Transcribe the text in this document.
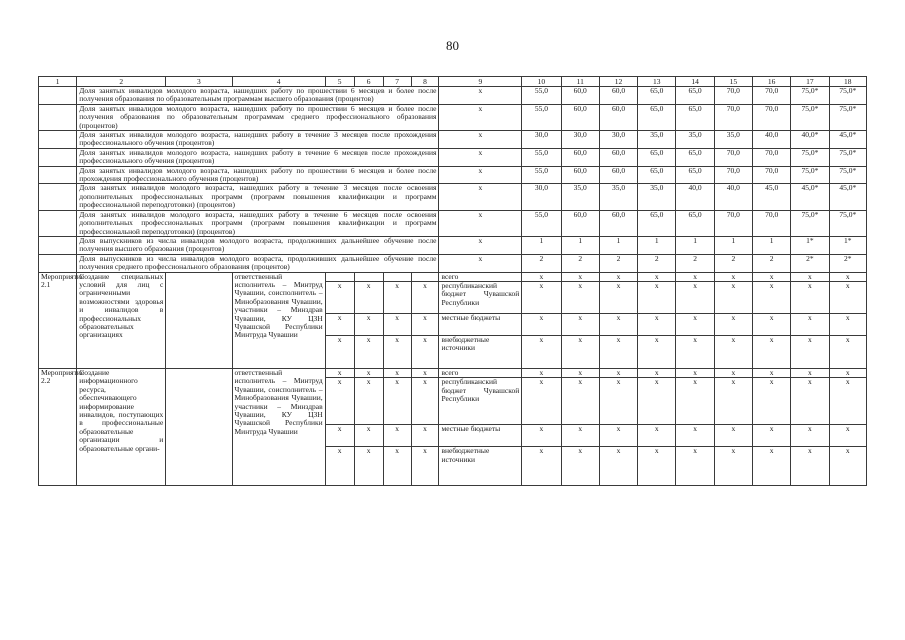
80
1	2	3	4	5	6	7	8	9	10	11	12	13	14	15	16	17	18
	Доля занятых инвалидов молодого возраста, нашедших работу по прошествии 6 месяцев и более после получения образования по образовательным программам высшего образования (процентов)							x	55,0	60,0	60,0	65,0	65,0	70,0	70,0	75,0*	75,0*
	Доля занятых инвалидов молодого возраста, нашедших работу по прошествии 6 месяцев и более после получения образования по образовательным программам среднего профессионального образования (процентов)							x	55,0	60,0	60,0	65,0	65,0	70,0	70,0	75,0*	75,0*
	Доля занятых инвалидов молодого возраста, нашедших работу в течение 3 месяцев после прохождения профессионального обучения (процентов)							x	30,0	30,0	30,0	35,0	35,0	35,0	40,0	40,0*	45,0*
	Доля занятых инвалидов молодого возраста, нашедших работу в течение 6 месяцев после прохождения профессионального обучения (процентов)							x	55,0	60,0	60,0	65,0	65,0	70,0	70,0	75,0*	75,0*
	Доля занятых инвалидов молодого возраста, нашедших работу по прошествии 6 месяцев и более после прохождения профессионального обучения (процентов)							x	55,0	60,0	60,0	65,0	65,0	70,0	70,0	75,0*	75,0*
	Доля занятых инвалидов молодого возраста, нашедших работу в течение 3 месяцев после освоения дополнительных профессиональных программ (программ повышения квалификации и программ профессиональной переподготовки) (процентов)							x	30,0	35,0	35,0	35,0	40,0	40,0	45,0	45,0*	45,0*
	Доля занятых инвалидов молодого возраста, нашедших работу в течение 6 месяцев после освоения дополнительных профессиональных программ (программ повышения квалификации и программ профессиональной переподготовки) (процентов)							x	55,0	60,0	60,0	65,0	65,0	70,0	70,0	75,0*	75,0*
	Доля выпускников из числа инвалидов молодого возраста, продолживших дальнейшее обучение после получения высшего образования (процентов)							x	1	1	1	1	1	1	1	1*	1*
	Доля выпускников из числа инвалидов молодого возраста, продолживших дальнейшее обучение после получения среднего профессионального образования (процентов)							x	2	2	2	2	2	2	2	2*	2*
Мероприятие 2.1	Создание специальных условий для лиц с ограниченными возможностями здоровья и инвалидов в профессиональных образовательных организациях		ответственный исполнитель – Минтруд Чувашии, соисполнитель – Минобразования Чувашии, участники – Минздрав Чувашии, КУ ЦЗН Чувашской Республики Минтруда Чувашии					всего	x	x	x	x	x	x	x	x	x
				x	x	x	x	республиканский бюджет Чувашской Республики	x	x	x	x	x	x	x	x	x
				x	x	x	x	местные бюджеты	x	x	x	x	x	x	x	x	x
				x	x	x	x	внебюджетные источники	x	x	x	x	x	x	x	x	x
Мероприятие 2.2	Создание информационного ресурса, обеспечивающего информирование инвалидов, поступающих в профессиональные образовательные организации и образовательные органи-		ответственный исполнитель – Минтруд Чувашии, соисполнитель – Минобразования Чувашии, участники – Минздрав Чувашии, КУ ЦЗН Чувашской Республики Минтруда Чувашии	x	x	x	x	всего	x	x	x	x	x	x	x	x	x
				x	x	x	x	республиканский бюджет Чувашской Республики	x	x	x	x	x	x	x	x	x
				x	x	x	x	местные бюджеты	x	x	x	x	x	x	x	x	x
				x	x	x	x	внебюджетные источники	x	x	x	x	x	x	x	x	x
